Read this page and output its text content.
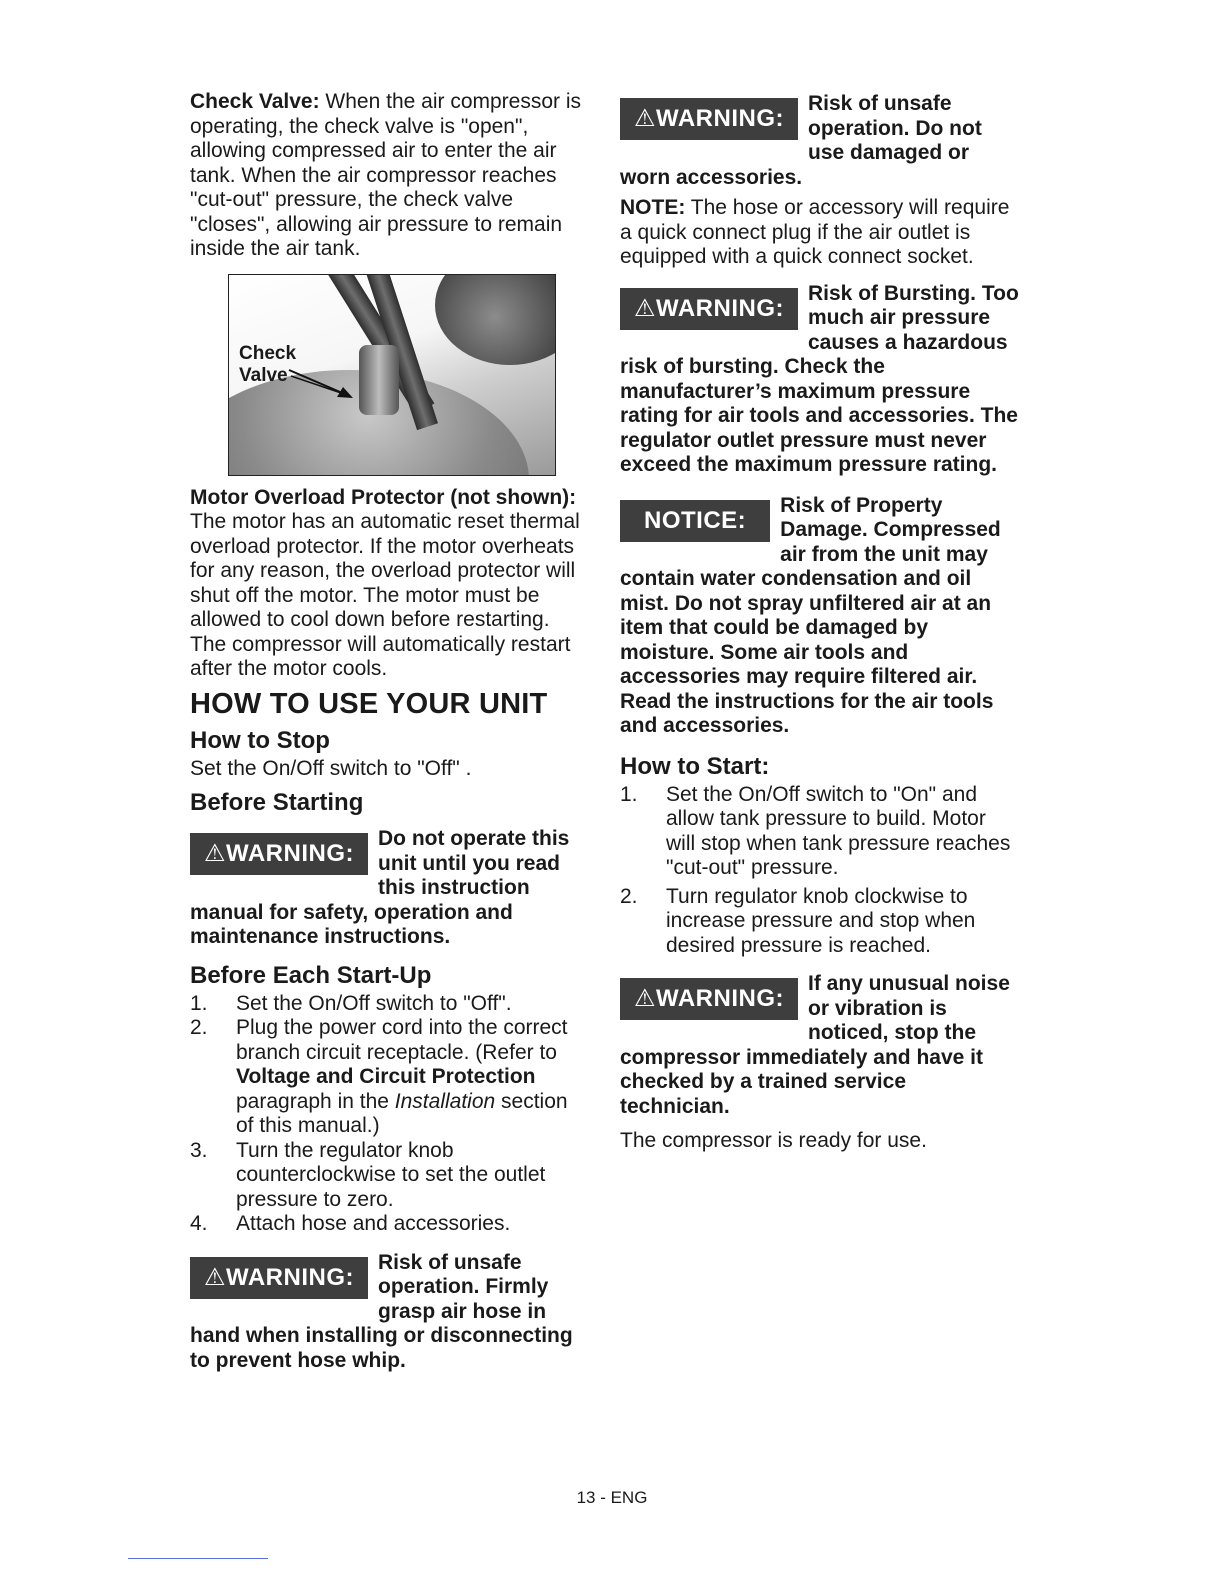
Check Valve: When the air compressor is operating, the check valve is "open", allowing compressed air to enter the air tank. When the air compressor reaches "cut-out" pressure, the check valve "closes", allowing air pressure to remain inside the air tank.

Check
Valve

Motor Overload Protector (not shown): The motor has an automatic reset thermal overload protector. If the motor overheats for any reason, the overload protector will shut off the motor. The motor must be allowed to cool down before restarting. The compressor will automatically restart after the motor cools.

HOW TO USE YOUR UNIT
How to Stop

Set the On/Off switch to "Off" .

Before Starting
⚠WARNING:

Do not operate this unit until you read this instruction manual for safety, operation and maintenance instructions.

Before Each Start-Up
1. Set the On/Off switch to "Off".
2. Plug the power cord into the correct branch circuit receptacle. (Refer to Voltage and Circuit Protection paragraph in the Installation section of this manual.)
3. Turn the regulator knob counterclockwise to set the outlet pressure to zero.
4. Attach hose and accessories.
⚠WARNING:

Risk of unsafe operation. Firmly grasp air hose in hand when installing or disconnecting to prevent hose whip.

⚠WARNING:

Risk of unsafe operation. Do not use damaged or worn accessories.

NOTE: The hose or accessory will require a quick connect plug if the air outlet is equipped with a quick connect socket.

⚠WARNING:

Risk of Bursting. Too much air pressure causes a hazardous risk of bursting. Check the manufacturer’s maximum pressure rating for air tools and accessories. The regulator outlet pressure must never exceed the maximum pressure rating.

NOTICE:

Risk of Property Damage. Compressed air from the unit may contain water condensation and oil mist. Do not spray unfiltered air at an item that could be damaged by moisture. Some air tools and accessories may require filtered air. Read the instructions for the air tools and accessories.

How to Start:
1. Set the On/Off switch to "On" and allow tank pressure to build. Motor will stop when tank pressure reaches "cut-out" pressure.
2. Turn regulator knob clockwise to increase pressure and stop when desired pressure is reached.
⚠WARNING:

If any unusual noise or vibration is noticed, stop the compressor immediately and have it checked by a trained service technician.

The compressor is ready for use.

13 - ENG
